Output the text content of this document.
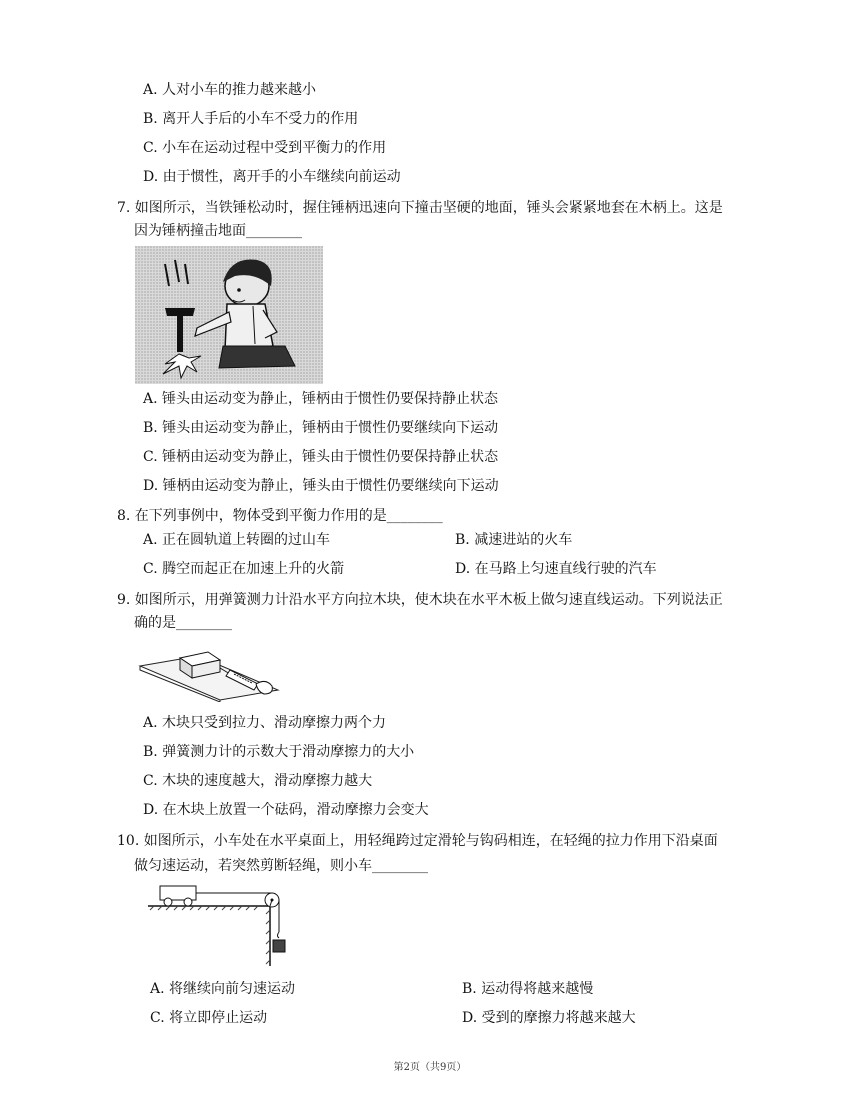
A. 人对小车的推力越来越小
B. 离开人手后的小车不受力的作用
C. 小车在运动过程中受到平衡力的作用
D. 由于惯性，离开手的小车继续向前运动
7. 如图所示，当铁锤松动时，握住锤柄迅速向下撞击坚硬的地面，锤头会紧紧地套在木柄上。这是
因为锤柄撞击地面________
A. 锤头由运动变为静止，锤柄由于惯性仍要保持静止状态
B. 锤头由运动变为静止，锤柄由于惯性仍要继续向下运动
C. 锤柄由运动变为静止，锤头由于惯性仍要保持静止状态
D. 锤柄由运动变为静止，锤头由于惯性仍要继续向下运动
8. 在下列事例中，物体受到平衡力作用的是________
A. 正在圆轨道上转圈的过山车	B. 减速进站的火车
C. 腾空而起正在加速上升的火箭	D. 在马路上匀速直线行驶的汽车
9. 如图所示，用弹簧测力计沿水平方向拉木块，使木块在水平木板上做匀速直线运动。下列说法正
确的是________
A. 木块只受到拉力、滑动摩擦力两个力
B. 弹簧测力计的示数大于滑动摩擦力的大小
C. 木块的速度越大，滑动摩擦力越大
D. 在木块上放置一个砝码，滑动摩擦力会变大
10. 如图所示，小车处在水平桌面上，用轻绳跨过定滑轮与钩码相连，在轻绳的拉力作用下沿桌面
做匀速运动，若突然剪断轻绳，则小车________
A. 将继续向前匀速运动	B. 运动得将越来越慢
C. 将立即停止运动	D. 受到的摩擦力将越来越大
第2页（共9页）
